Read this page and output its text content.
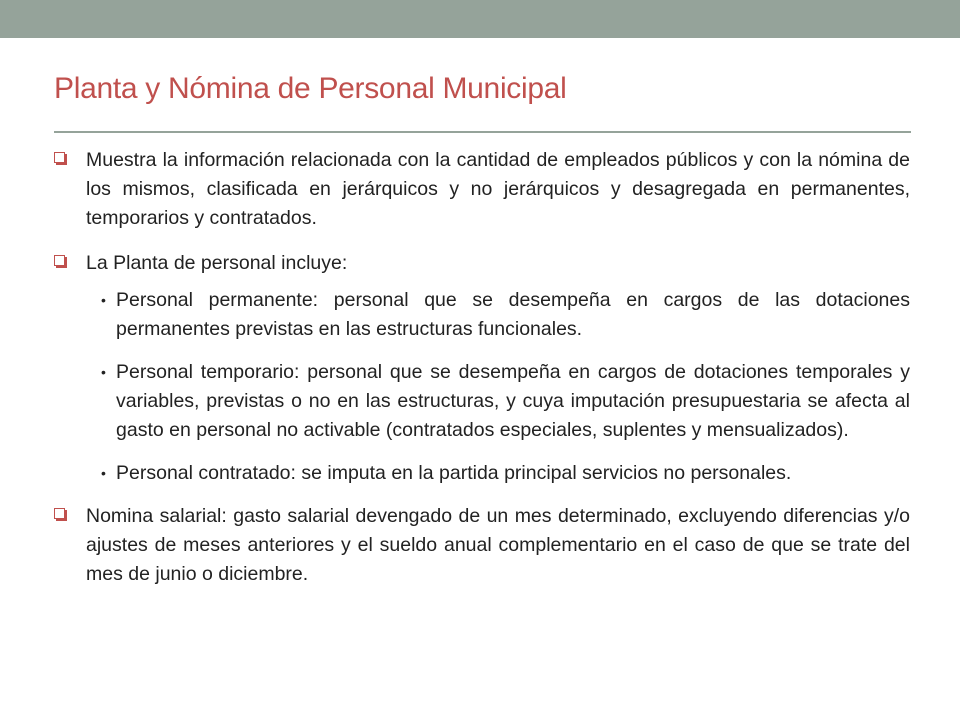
Planta y Nómina de Personal Municipal
Muestra la información relacionada con la cantidad de empleados públicos y con la nómina de los mismos, clasificada en jerárquicos y no jerárquicos y desagregada en permanentes, temporarios y contratados.
La Planta de personal incluye:
• Personal permanente: personal que se desempeña en cargos de las dotaciones permanentes previstas en las estructuras funcionales.
• Personal temporario: personal que se desempeña en cargos de dotaciones temporales y variables, previstas o no en las estructuras, y cuya imputación presupuestaria se afecta al gasto en personal no activable (contratados especiales, suplentes y mensualizados).
• Personal contratado: se imputa en la partida principal servicios no personales.
Nomina salarial: gasto salarial devengado de un mes determinado, excluyendo diferencias y/o ajustes de meses anteriores y el sueldo anual complementario en el caso de que se trate del mes de junio o diciembre.
